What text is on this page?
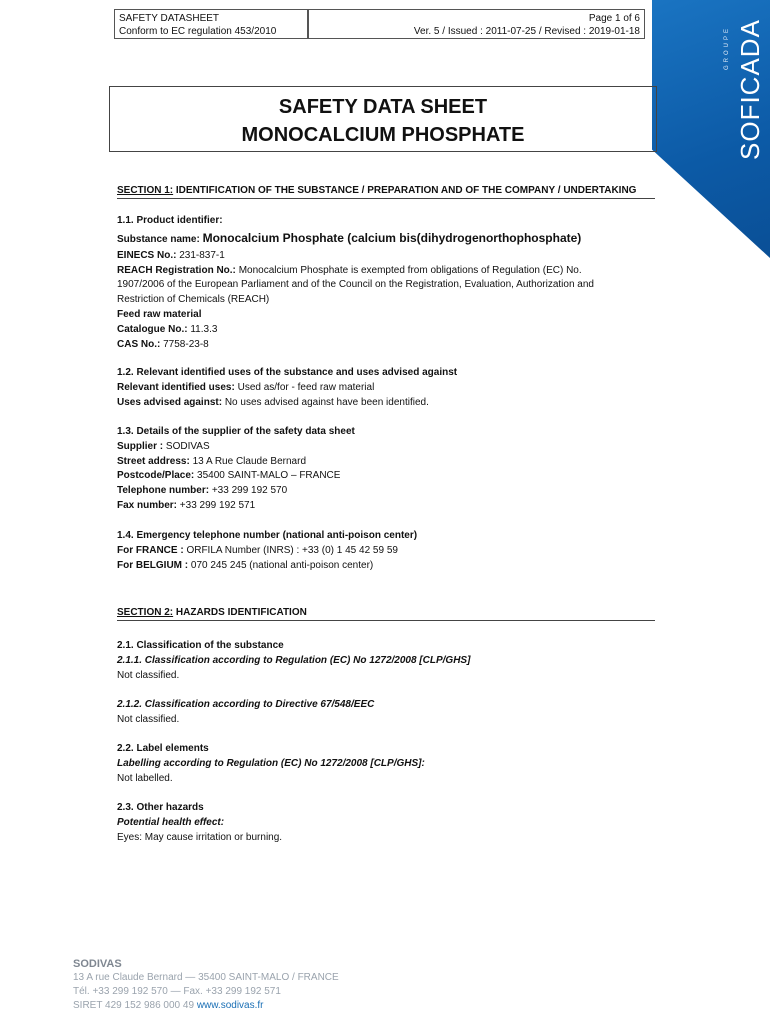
SAFETY DATASHEET
Conform to EC regulation 453/2010
Page 1 of 6
Ver. 5 / Issued : 2011-07-25 / Revised : 2019-01-18	SOFICADA
GROUPE
SAFETY DATA SHEET
MONOCALCIUM PHOSPHATE
SECTION 1: IDENTIFICATION OF THE SUBSTANCE / PREPARATION AND OF THE COMPANY / UNDERTAKING
1.1. Product identifier:
Substance name: Monocalcium Phosphate (calcium bis(dihydrogenorthophosphate)
EINECS No.: 231-837-1
REACH Registration No.: Monocalcium Phosphate is exempted from obligations of Regulation (EC) No.
1907/2006 of the European Parliament and of the Council on the Registration, Evaluation, Authorization and
Restriction of Chemicals (REACH)
Feed raw material
Catalogue No.: 11.3.3
CAS No.: 7758-23-8
1.2. Relevant identified uses of the substance and uses advised against
Relevant identified uses: Used as/for - feed raw material
Uses advised against: No uses advised against have been identified.
1.3. Details of the supplier of the safety data sheet
Supplier : SODIVAS
Street address: 13 A Rue Claude Bernard
Postcode/Place: 35400 SAINT-MALO – FRANCE
Telephone number: +33 299 192 570
Fax number: +33 299 192 571
1.4. Emergency telephone number (national anti-poison center)
For FRANCE : ORFILA Number (INRS) : +33 (0) 1 45 42 59 59
For BELGIUM : 070 245 245 (national anti-poison center)
SECTION 2: HAZARDS IDENTIFICATION
2.1. Classification of the substance
2.1.1. Classification according to Regulation (EC) No 1272/2008 [CLP/GHS]
Not classified.
2.1.2. Classification according to Directive 67/548/EEC
Not classified.
2.2. Label elements
Labelling according to Regulation (EC) No 1272/2008 [CLP/GHS]:
Not labelled.
2.3. Other hazards
Potential health effect:
Eyes: May cause irritation or burning.
SODIVAS
13 A rue Claude Bernard — 35400 SAINT-MALO / FRANCE
Tél. +33 299 192 570 — Fax. +33 299 192 571
SIRET 429 152 986 000 49 www.sodivas.fr
